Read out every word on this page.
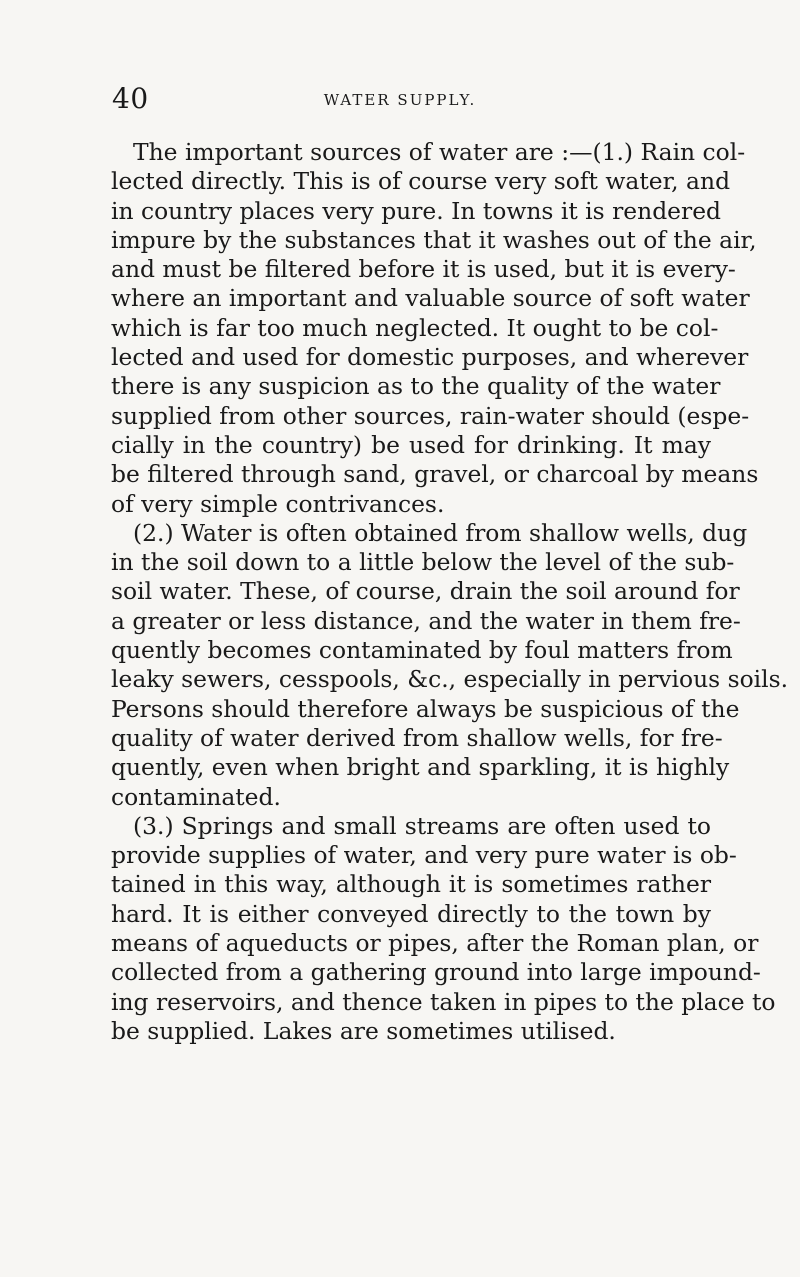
40	WATER SUPPLY.
The important sources of water are :—(1.) Rain col-
lected directly. This is of course very soft water, and
in country places very pure. In towns it is rendered
impure by the substances that it washes out of the air,
and must be filtered before it is used, but it is every-
where an important and valuable source of soft water
which is far too much neglected. It ought to be col-
lected and used for domestic purposes, and wherever
there is any suspicion as to the quality of the water
supplied from other sources, rain-water should (espe-
cially in the country) be used for drinking. It may
be filtered through sand, gravel, or charcoal by means
of very simple contrivances.
(2.) Water is often obtained from shallow wells, dug
in the soil down to a little below the level of the sub-
soil water. These, of course, drain the soil around for
a greater or less distance, and the water in them fre-
quently becomes contaminated by foul matters from
leaky sewers, cesspools, &c., especially in pervious soils.
Persons should therefore always be suspicious of the
quality of water derived from shallow wells, for fre-
quently, even when bright and sparkling, it is highly
contaminated.
(3.) Springs and small streams are often used to
provide supplies of water, and very pure water is ob-
tained in this way, although it is sometimes rather
hard. It is either conveyed directly to the town by
means of aqueducts or pipes, after the Roman plan, or
collected from a gathering ground into large impound-
ing reservoirs, and thence taken in pipes to the place to
be supplied. Lakes are sometimes utilised.
